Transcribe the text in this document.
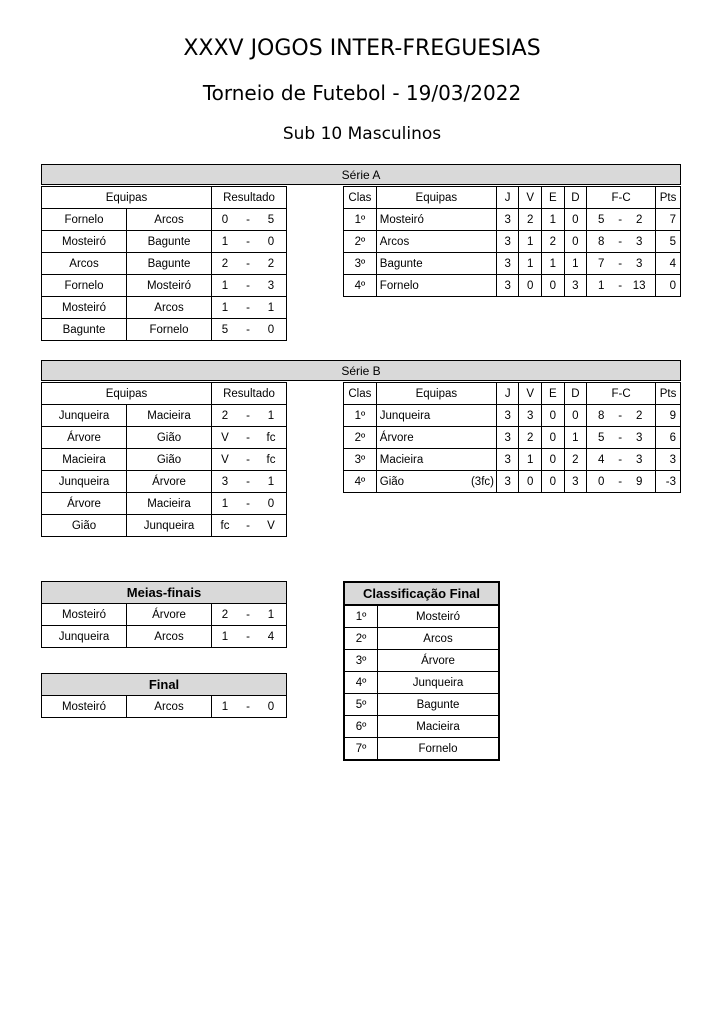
XXXV JOGOS INTER-FREGUESIAS
Torneio de Futebol - 19/03/2022
Sub 10 Masculinos
Série A
Equipas		Resultado
Fornelo	Arcos	0 - 5
Mosteiró	Bagunte	1 - 0
Arcos	Bagunte	2 - 2
Fornelo	Mosteiró	1 - 3
Mosteiró	Arcos	1 - 1
Bagunte	Fornelo	5 - 0
Clas	Equipas	J	V	E	D	F-C	Pts
1º	Mosteiró	3	2	1	0	5 - 2	7
2º	Arcos	3	1	2	0	8 - 3	5
3º	Bagunte	3	1	1	1	7 - 3	4
4º	Fornelo	3	0	0	3	1 - 13	0
Série B
Equipas		Resultado
Junqueira	Macieira	2 - 1
Árvore	Gião	V - fc
Macieira	Gião	V - fc
Junqueira	Árvore	3 - 1
Árvore	Macieira	1 - 0
Gião	Junqueira	fc - V
Clas	Equipas	J	V	E	D	F-C	Pts
1º	Junqueira	3	3	0	0	8 - 2	9
2º	Árvore	3	2	0	1	5 - 3	6
3º	Macieira	3	1	0	2	4 - 3	3
4º	Gião (3fc)	3	0	0	3	0 - 9	-3
Meias-finais		
Mosteiró	Árvore	2 - 1
Junqueira	Arcos	1 - 4
Final
Mosteiró	Arcos	1 - 0
Classificação Final	
1º	Mosteiró
2º	Arcos
3º	Árvore
4º	Junqueira
5º	Bagunte
6º	Macieira
7º	Fornelo
